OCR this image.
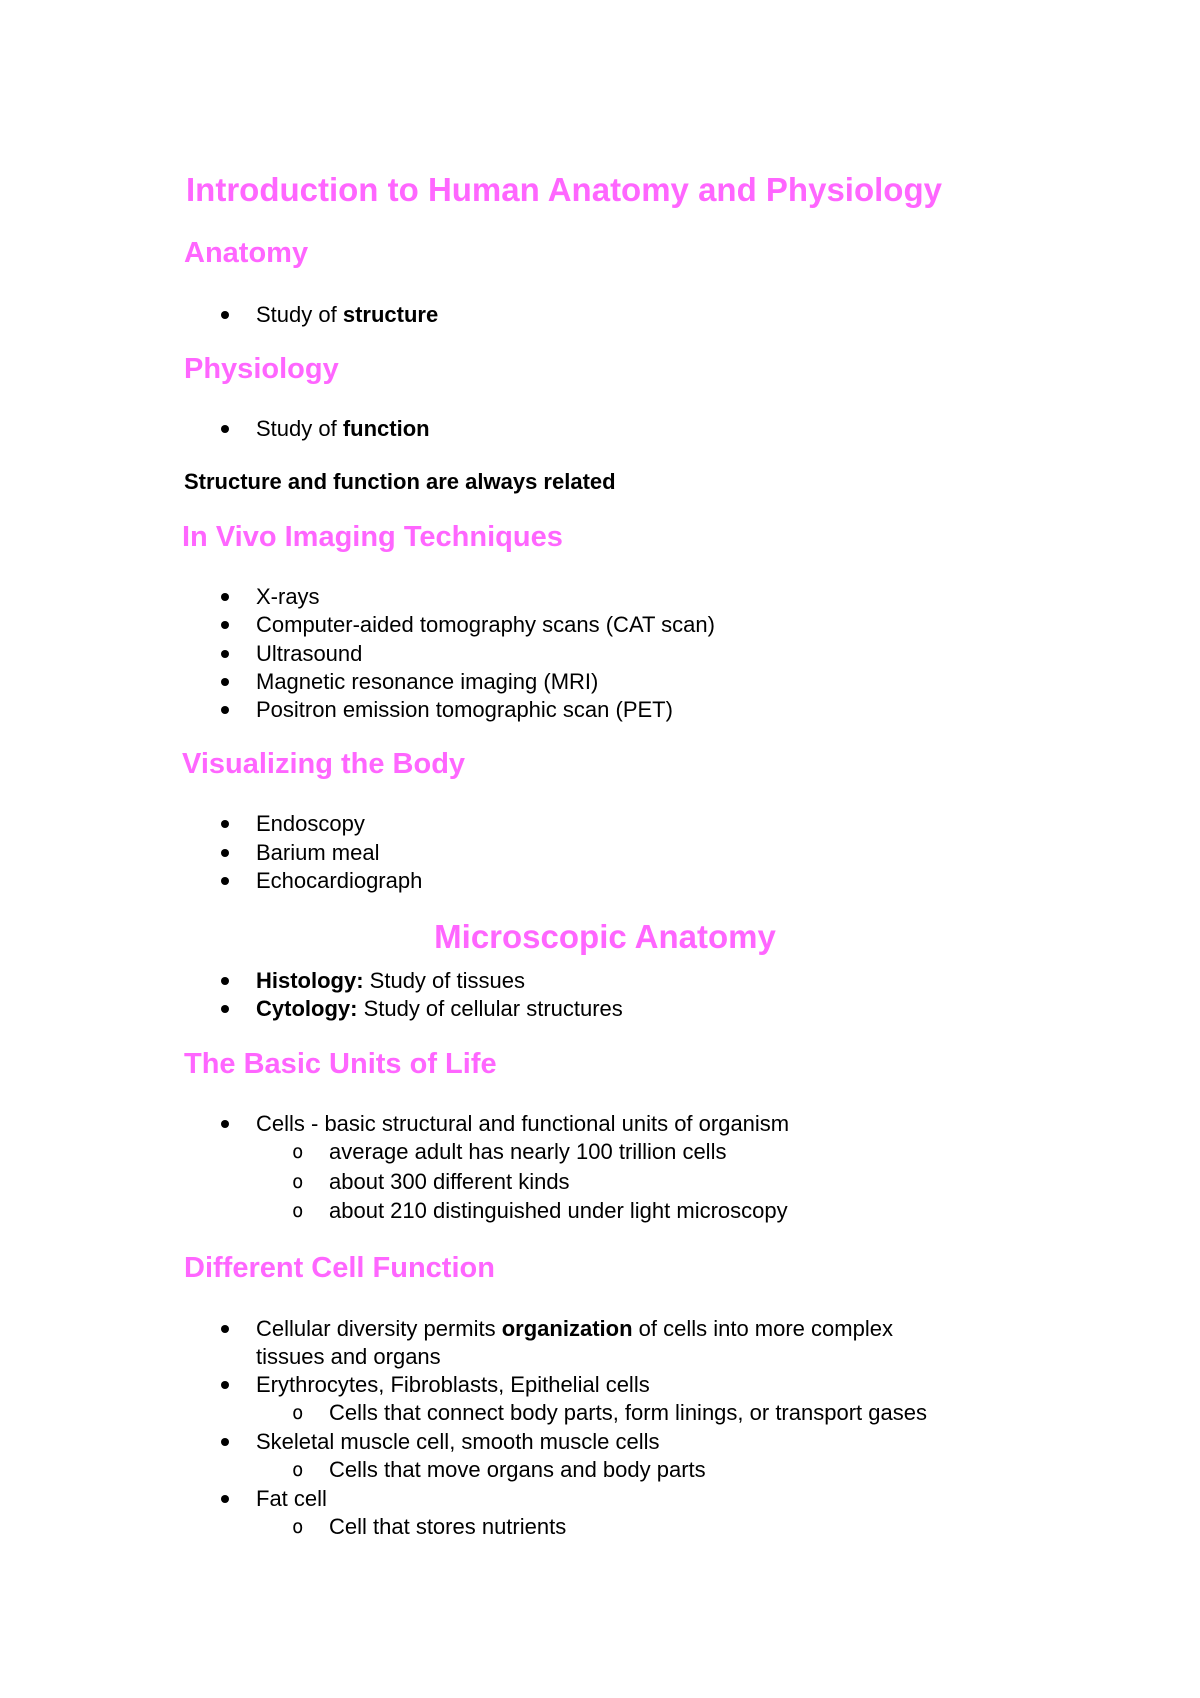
Introduction to Human Anatomy and Physiology
Anatomy
Study of structure
Physiology
Study of function
Structure and function are always related
In Vivo Imaging Techniques
X-rays
Computer-aided tomography scans (CAT scan)
Ultrasound
Magnetic resonance imaging (MRI)
Positron emission tomographic scan (PET)
Visualizing the Body
Endoscopy
Barium meal
Echocardiograph
Microscopic Anatomy
Histology: Study of tissues
Cytology: Study of cellular structures
The Basic Units of Life
Cells - basic structural and functional units of organism
o average adult has nearly 100 trillion cells
o about 300 different kinds
o about 210 distinguished under light microscopy
Different Cell Function
Cellular diversity permits organization of cells into more complex
tissues and organs
Erythrocytes, Fibroblasts, Epithelial cells
o Cells that connect body parts, form linings, or transport gases
Skeletal muscle cell, smooth muscle cells
o Cells that move organs and body parts
Fat cell
o Cell that stores nutrients
